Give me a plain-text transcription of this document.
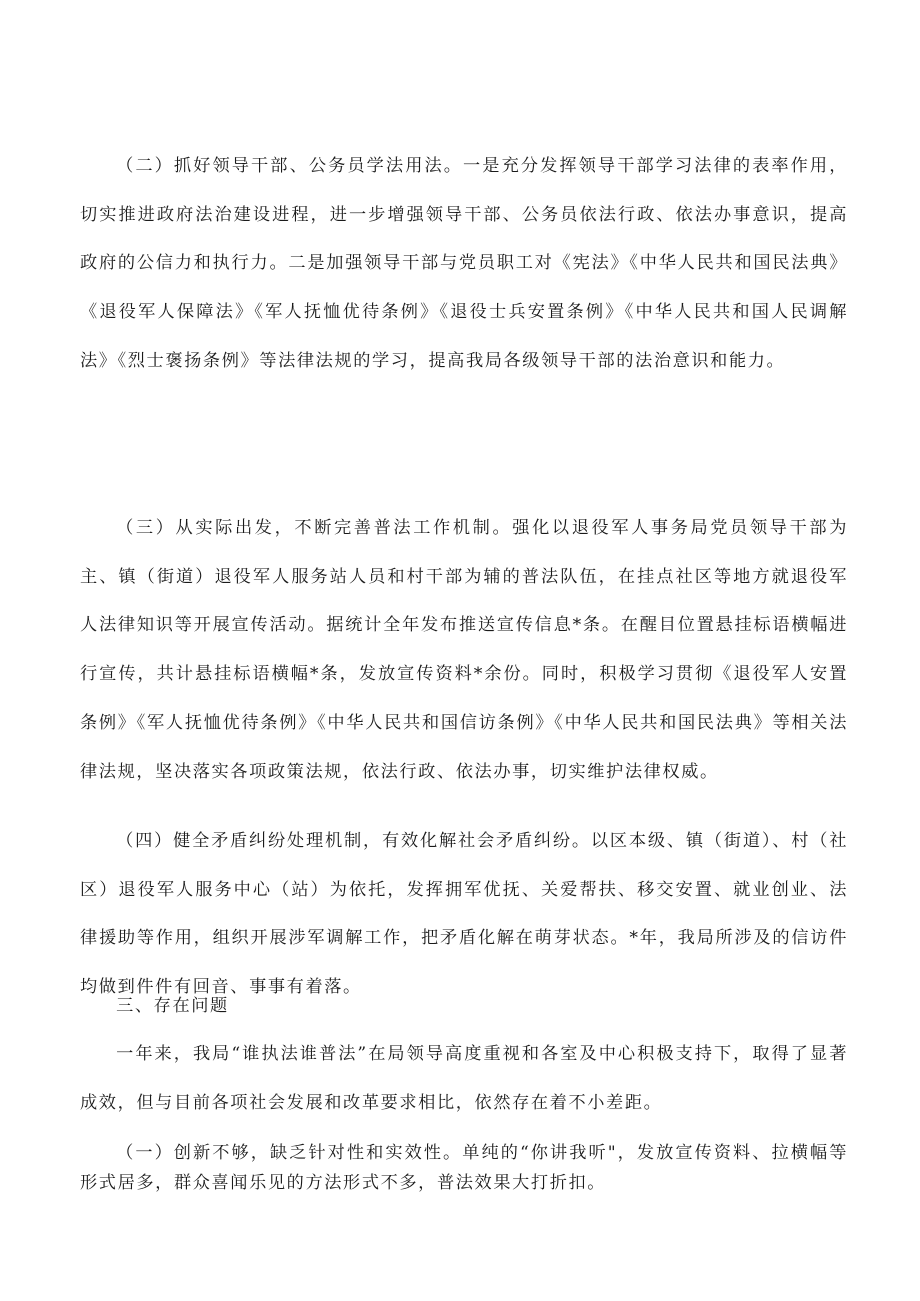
（二）抓好领导干部、公务员学法用法。一是充分发挥领导干部学习法律的表率作用，切实推进政府法治建设进程，进一步增强领导干部、公务员依法行政、依法办事意识，提高政府的公信力和执行力。二是加强领导干部与党员职工对《宪法》《中华人民共和国民法典》《退役军人保障法》《军人抚恤优待条例》《退役士兵安置条例》《中华人民共和国人民调解法》《烈士褒扬条例》等法律法规的学习，提高我局各级领导干部的法治意识和能力。

（三）从实际出发，不断完善普法工作机制。强化以退役军人事务局党员领导干部为主、镇（街道）退役军人服务站人员和村干部为辅的普法队伍，在挂点社区等地方就退役军人法律知识等开展宣传活动。据统计全年发布推送宣传信息*条。在醒目位置悬挂标语横幅进行宣传，共计悬挂标语横幅*条，发放宣传资料*余份。同时，积极学习贯彻《退役军人安置条例》《军人抚恤优待条例》《中华人民共和国信访条例》《中华人民共和国民法典》等相关法律法规，坚决落实各项政策法规，依法行政、依法办事，切实维护法律权威。

（四）健全矛盾纠纷处理机制，有效化解社会矛盾纠纷。以区本级、镇（街道）、村（社区）退役军人服务中心（站）为依托，发挥拥军优抚、关爱帮扶、移交安置、就业创业、法律援助等作用，组织开展涉军调解工作，把矛盾化解在萌芽状态。*年，我局所涉及的信访件均做到件件有回音、事事有着落。

三、存在问题

一年来，我局“谁执法谁普法”在局领导高度重视和各室及中心积极支持下，取得了显著成效，但与目前各项社会发展和改革要求相比，依然存在着不小差距。

（一）创新不够，缺乏针对性和实效性。单纯的“你讲我听"，发放宣传资料、拉横幅等形式居多，群众喜闻乐见的方法形式不多，普法效果大打折扣。
